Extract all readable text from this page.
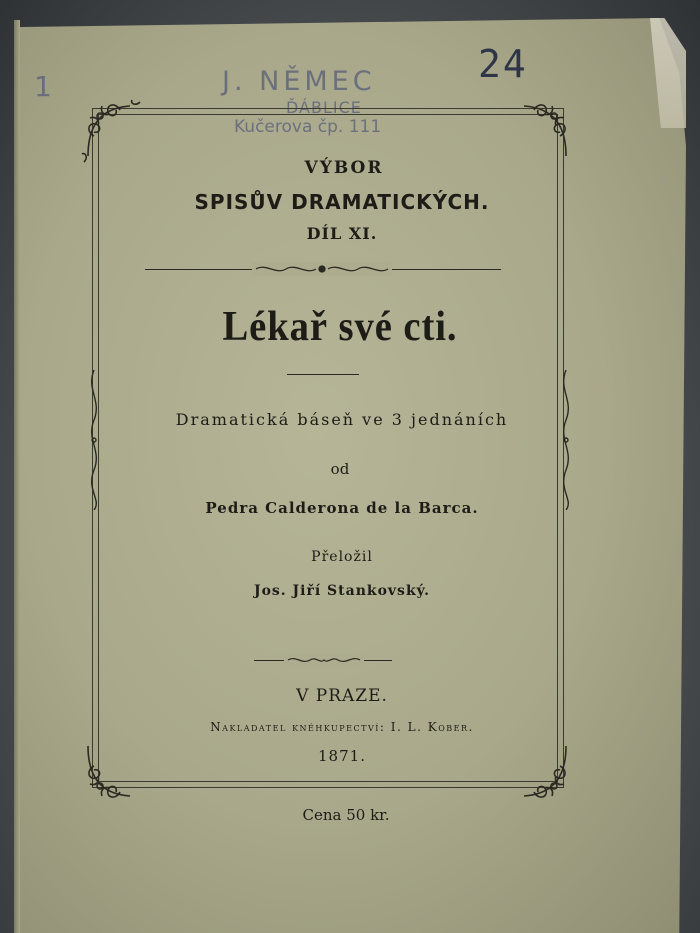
1	J. NĚMEC
ĎÁBLICE
Kučerova čp. 111
24
VÝBOR
SPISŮV DRAMATICKÝCH.
DÍL XI.
Lékař své cti.
Dramatická báseň ve 3 jednáních
od
Pedra Calderona de la Barca.
Přeložil
Jos. Jiří Stankovský.
V PRAZE.
Nakladatel knéhkupectví: I. L. Kober.
1871.
Cena 50 kr.
